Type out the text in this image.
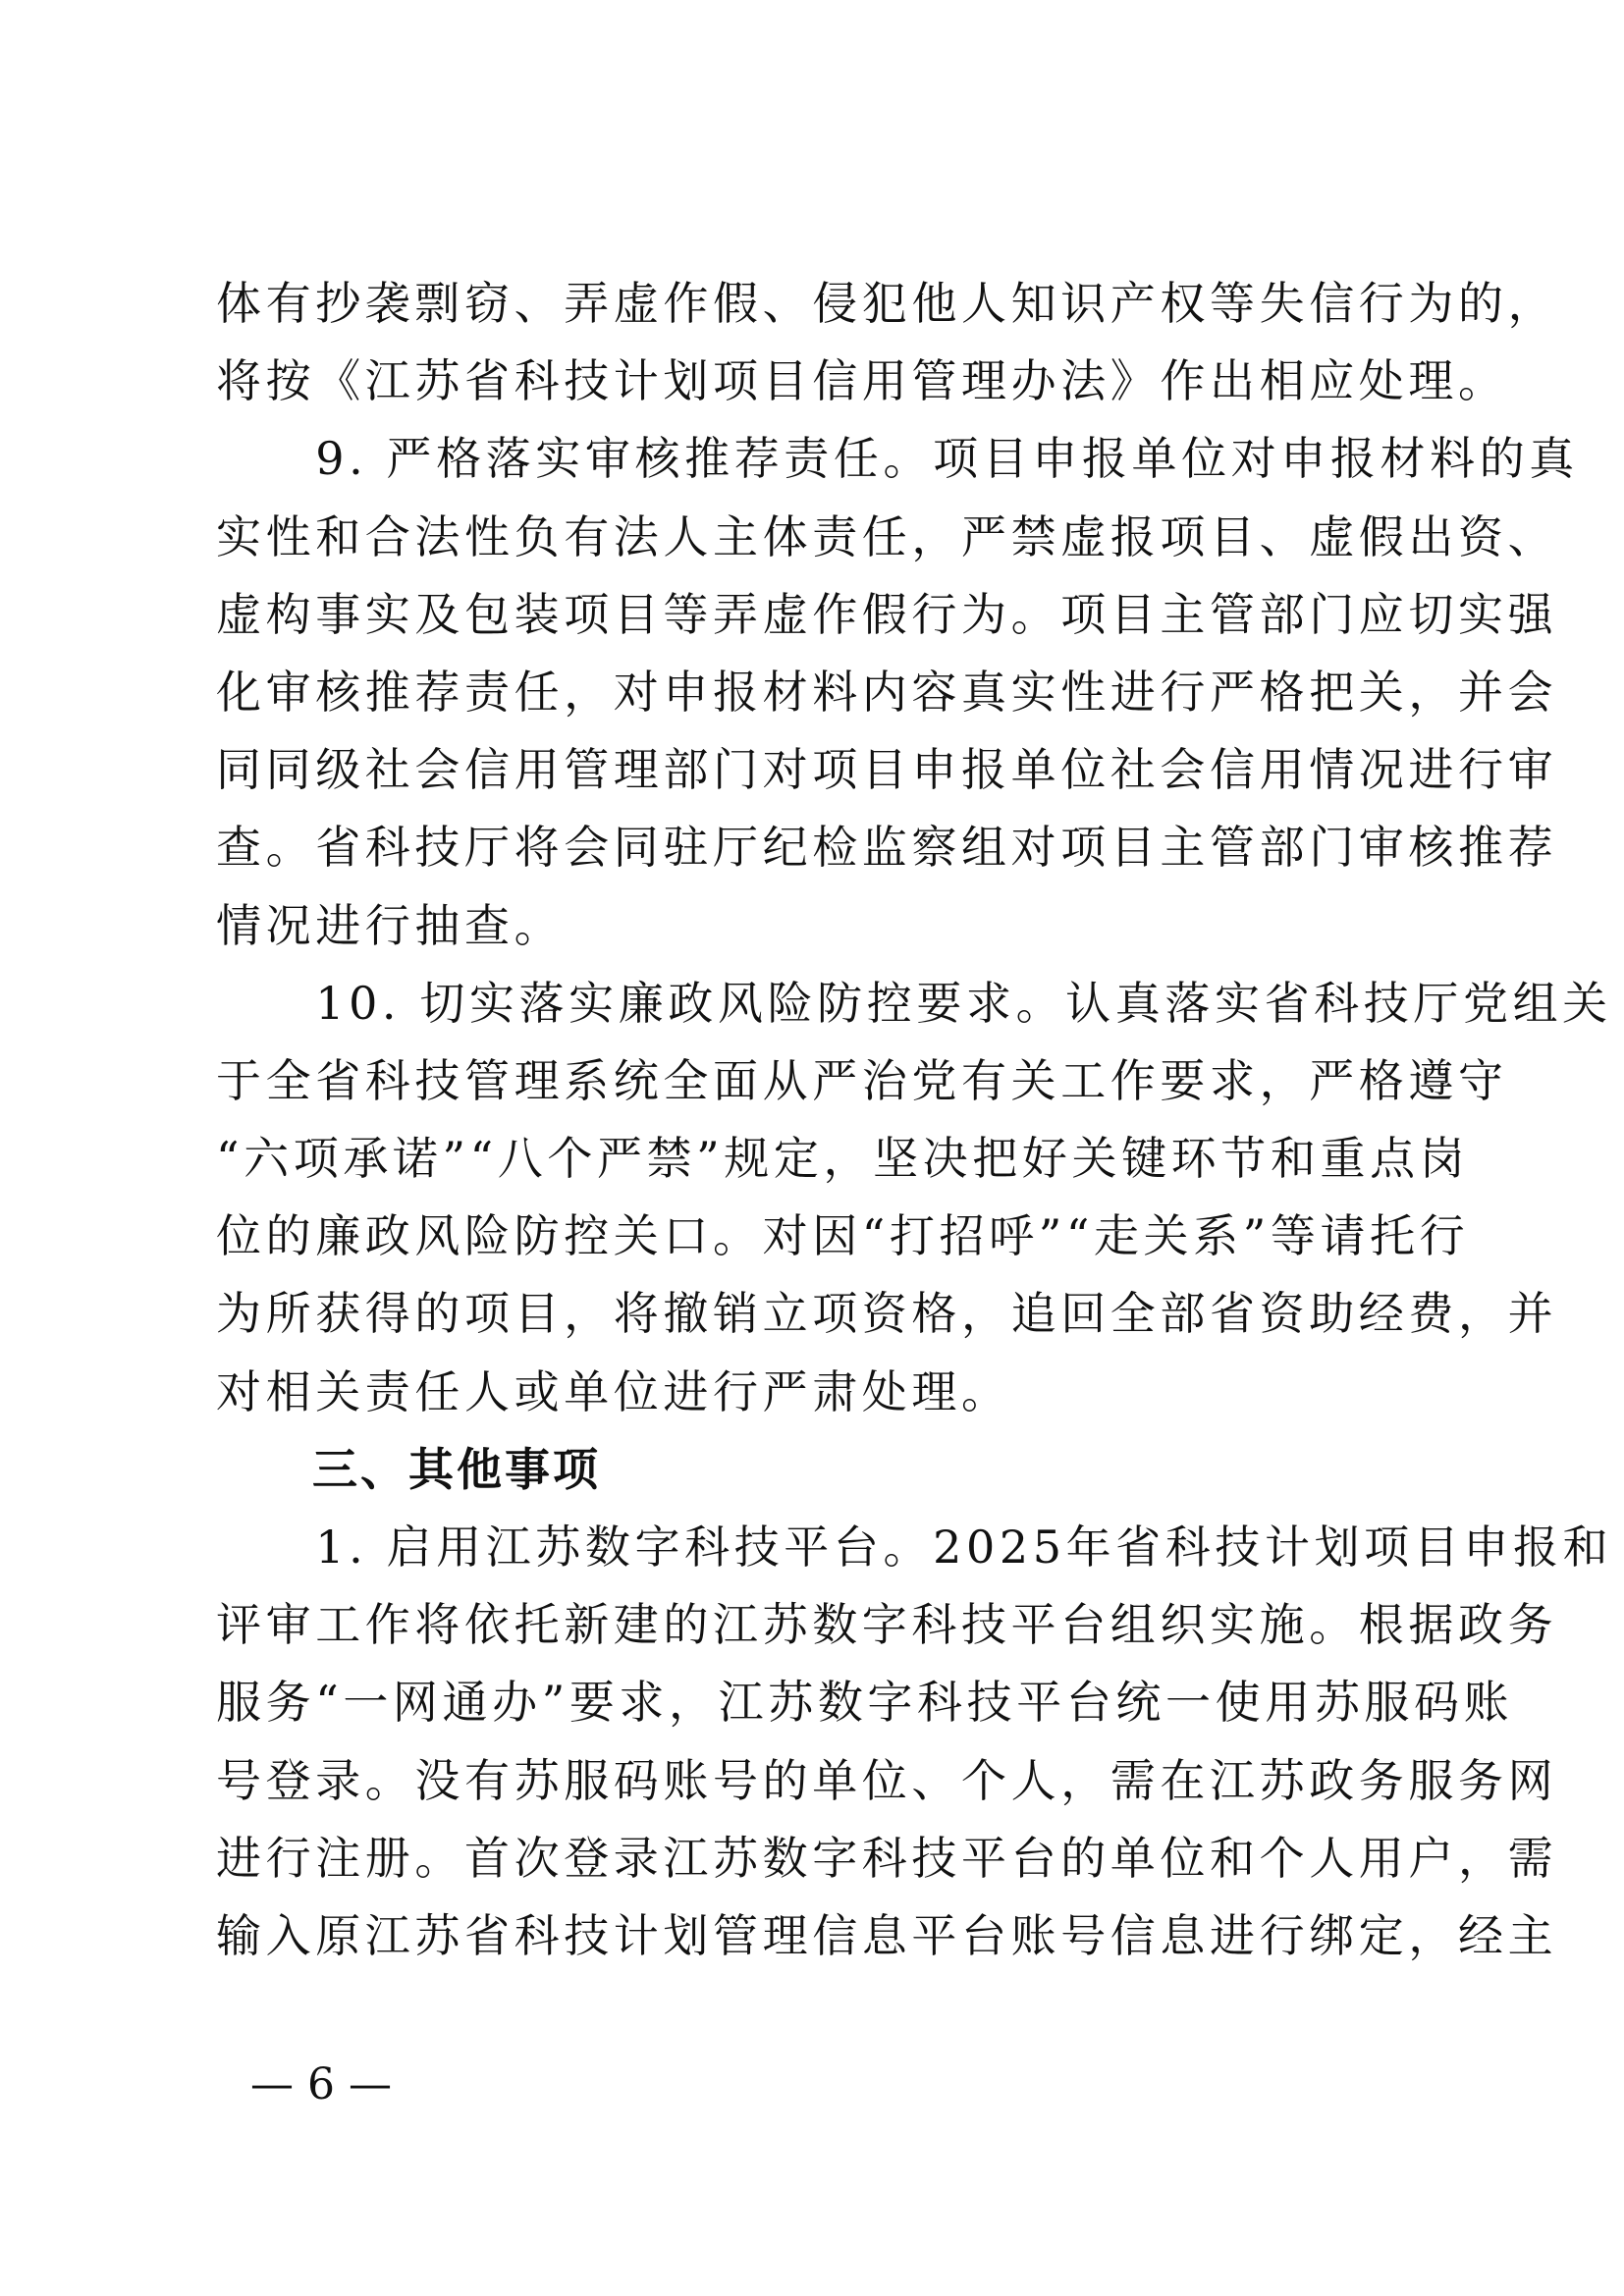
体有抄袭剽窃、弄虚作假、侵犯他人知识产权等失信行为的，
将按《江苏省科技计划项目信用管理办法》作出相应处理。
　　9. 严格落实审核推荐责任。项目申报单位对申报材料的真
实性和合法性负有法人主体责任，严禁虚报项目、虚假出资、
虚构事实及包装项目等弄虚作假行为。项目主管部门应切实强
化审核推荐责任，对申报材料内容真实性进行严格把关，并会
同同级社会信用管理部门对项目申报单位社会信用情况进行审
查。省科技厅将会同驻厅纪检监察组对项目主管部门审核推荐
情况进行抽查。
　　10. 切实落实廉政风险防控要求。认真落实省科技厅党组关
于全省科技管理系统全面从严治党有关工作要求，严格遵守
“六项承诺”“八个严禁”规定，坚决把好关键环节和重点岗
位的廉政风险防控关口。对因“打招呼”“走关系”等请托行
为所获得的项目，将撤销立项资格，追回全部省资助经费，并
对相关责任人或单位进行严肃处理。
　　三、其他事项
　　1. 启用江苏数字科技平台。2025年省科技计划项目申报和
评审工作将依托新建的江苏数字科技平台组织实施。根据政务
服务“一网通办”要求，江苏数字科技平台统一使用苏服码账
号登录。没有苏服码账号的单位、个人，需在江苏政务服务网
进行注册。首次登录江苏数字科技平台的单位和个人用户，需
输入原江苏省科技计划管理信息平台账号信息进行绑定，经主
— 6 —
